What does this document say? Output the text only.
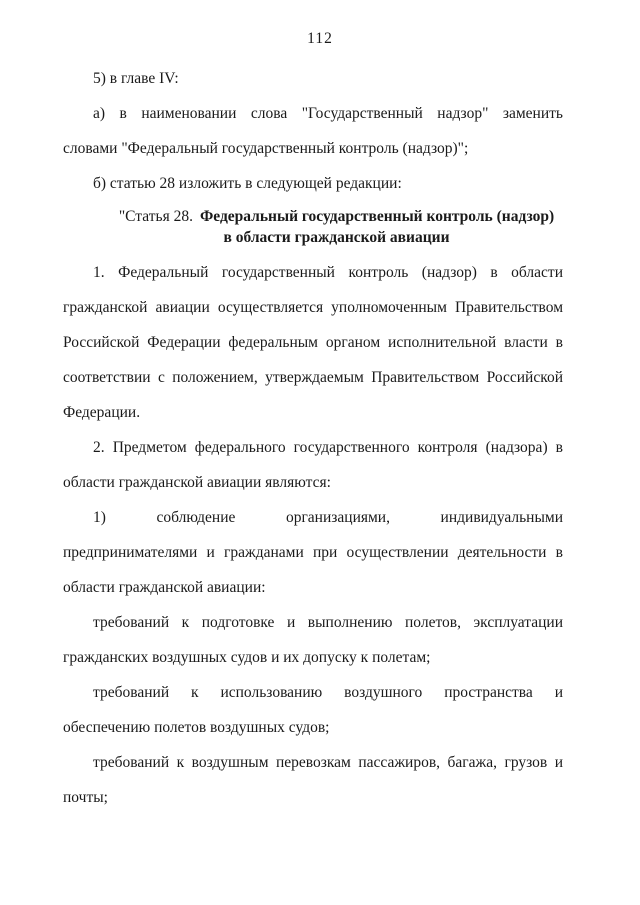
112
5) в главе IV:
а) в наименовании слова "Государственный надзор" заменить
словами "Федеральный государственный контроль (надзор)";
б) статью 28 изложить в следующей редакции:
"Статья 28. Федеральный государственный контроль (надзор)
в области гражданской авиации
1. Федеральный государственный контроль (надзор) в области
гражданской авиации осуществляется уполномоченным Правительством
Российской Федерации федеральным органом исполнительной власти в
соответствии с положением, утверждаемым Правительством Российской
Федерации.
2. Предметом федерального государственного контроля (надзора) в
области гражданской авиации являются:
1) соблюдение организациями, индивидуальными
предпринимателями и гражданами при осуществлении деятельности в
области гражданской авиации:
требований к подготовке и выполнению полетов, эксплуатации
гражданских воздушных судов и их допуску к полетам;
требований к использованию воздушного пространства и
обеспечению полетов воздушных судов;
требований к воздушным перевозкам пассажиров, багажа, грузов и
почты;
